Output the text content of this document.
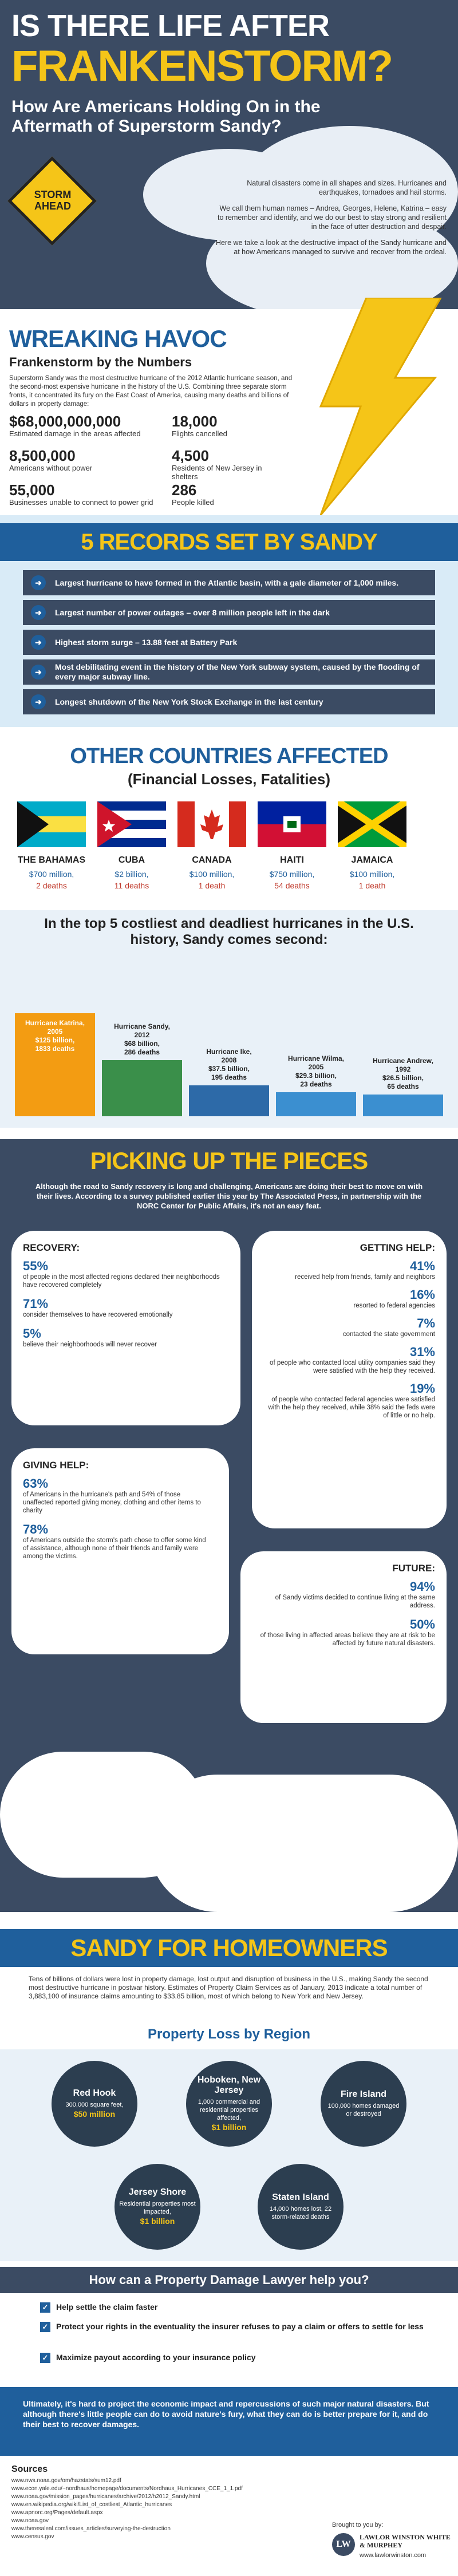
IS THERE LIFE AFTER
FRANKENSTORM?
How Are Americans Holding On in the Aftermath of Superstorm Sandy?
STORM AHEAD

Natural disasters come in all shapes and sizes. Hurricanes and earthquakes, tornadoes and hail storms.

We call them human names – Andrea, Georges, Helene, Katrina – easy to remember and identify, and we do our best to stay strong and resilient in the face of utter destruction and despair.

Here we take a look at the destructive impact of the Sandy hurricane and at how Americans managed to survive and recover from the ordeal.

WREAKING HAVOC
Frankenstorm by the Numbers
Superstorm Sandy was the most destructive hurricane of the 2012 Atlantic hurricane season, and the second-most expensive hurricane in the history of the U.S. Combining three separate storm fronts, it concentrated its fury on the East Coast of America, causing many deaths and billions of dollars in property damage:
$68,000,000,000
Estimated damage in the areas affected
18,000
Flights cancelled
8,500,000
Americans without power
4,500
Residents of New Jersey in shelters
55,000
Businesses unable to connect to power grid
286
People killed
5 RECORDS SET BY SANDY
➜	Largest hurricane to have formed in the Atlantic basin, with a gale diameter of 1,000 miles.
➜	Largest number of power outages – over 8 million people left in the dark
➜	Highest storm surge – 13.88 feet at Battery Park
➜
Most debilitating event in the history of the New York subway system, caused by the flooding of every major subway line.
➜	Longest shutdown of the New York Stock Exchange in the last century
OTHER COUNTRIES AFFECTED
(Financial Losses, Fatalities)
THE BAHAMAS
$700 million,
2 deaths
CUBA
$2 billion,
11 deaths
CANADA
$100 million,
1 death
HAITI
$750 million,
54 deaths
JAMAICA
$100 million,
1 death
In the top 5 costliest and deadliest hurricanes in the U.S. history, Sandy comes second:
Hurricane Katrina,
2005
$125 billion,
1833 deaths
Hurricane Sandy,
2012
$68 billion,
286 deaths	Hurricane Ike,
2008
$37.5 billion,
195 deaths
Hurricane Wilma,
2005
$29.3 billion,
23 deaths
Hurricane Andrew,
1992
$26.5 billion,
65 deaths
PICKING UP THE PIECES
Although the road to Sandy recovery is long and challenging, Americans are doing their best to move on with their lives. According to a survey published earlier this year by The Associated Press, in partnership with the NORC Center for Public Affairs, it's not an easy feat.
RECOVERY:
55%
of people in the most affected regions declared their neighborhoods have recovered completely
71%
consider themselves to have recovered emotionally
5%
believe their neighborhoods will never recover
GETTING HELP:
41%
received help from friends, family and neighbors
16%
resorted to federal agencies
7%
contacted the state government
31%
of people who contacted local utility companies said they were satisfied with the help they received.
19%
of people who contacted federal agencies were satisfied with the help they received, while 38% said the feds were of little or no help.
GIVING HELP:
63%
of Americans in the hurricane's path and 54% of those unaffected reported giving money, clothing and other items to charity
78%
of Americans outside the storm's path chose to offer some kind of assistance, although none of their friends and family were among the victims.
FUTURE:
94%
of Sandy victims decided to continue living at the same address.
50%
of those living in affected areas believe they are at risk to be affected by future natural disasters.
SANDY FOR HOMEOWNERS
Tens of billions of dollars were lost in property damage, lost output and disruption of business in the U.S., making Sandy the second most destructive hurricane in postwar history. Estimates of Property Claim Services as of January, 2013 indicate a total number of 3,883,100 of insurance claims amounting to $33.85 billion, most of which belong to New York and New Jersey.
Property Loss by Region
Red Hook
300,000 square feet,
$50 million
Hoboken, New Jersey
1,000 commercial and residential properties affected,
$1 billion
Fire Island
100,000 homes damaged or destroyed
Jersey Shore
Residential properties most impacted,
$1 billion
Staten Island
14,000 homes lost, 22 storm-related deaths
How can a Property Damage Lawyer help you?
✓ Help settle the claim faster
✓ Protect your rights in the eventuality the insurer refuses to pay a claim or offers to settle for less
✓ Maximize payout according to your insurance policy
Ultimately, it's hard to project the economic impact and repercussions of such major natural disasters. But although there's little people can do to avoid nature's fury, what they can do is better prepare for it, and do their best to recover damages.
Sources
www.nws.noaa.gov/om/hazstats/sum12.pdf
www.econ.yale.edu/~nordhaus/homepage/documents/Nordhaus_Hurricanes_CCE_1_1.pdf
www.noaa.gov/mission_pages/hurricanes/archive/2012/h2012_Sandy.html
www.en.wikipedia.org/wiki/List_of_costliest_Atlantic_hurricanes
www.apnorc.org/Pages/default.aspx
www.noaa.gov
www.theresaleal.com/issues_articles/surveying-the-destruction
www.census.gov
Brought to you by:
LW
LAWLOR WINSTON WHITE & MURPHEY
www.lawlorwinston.com
